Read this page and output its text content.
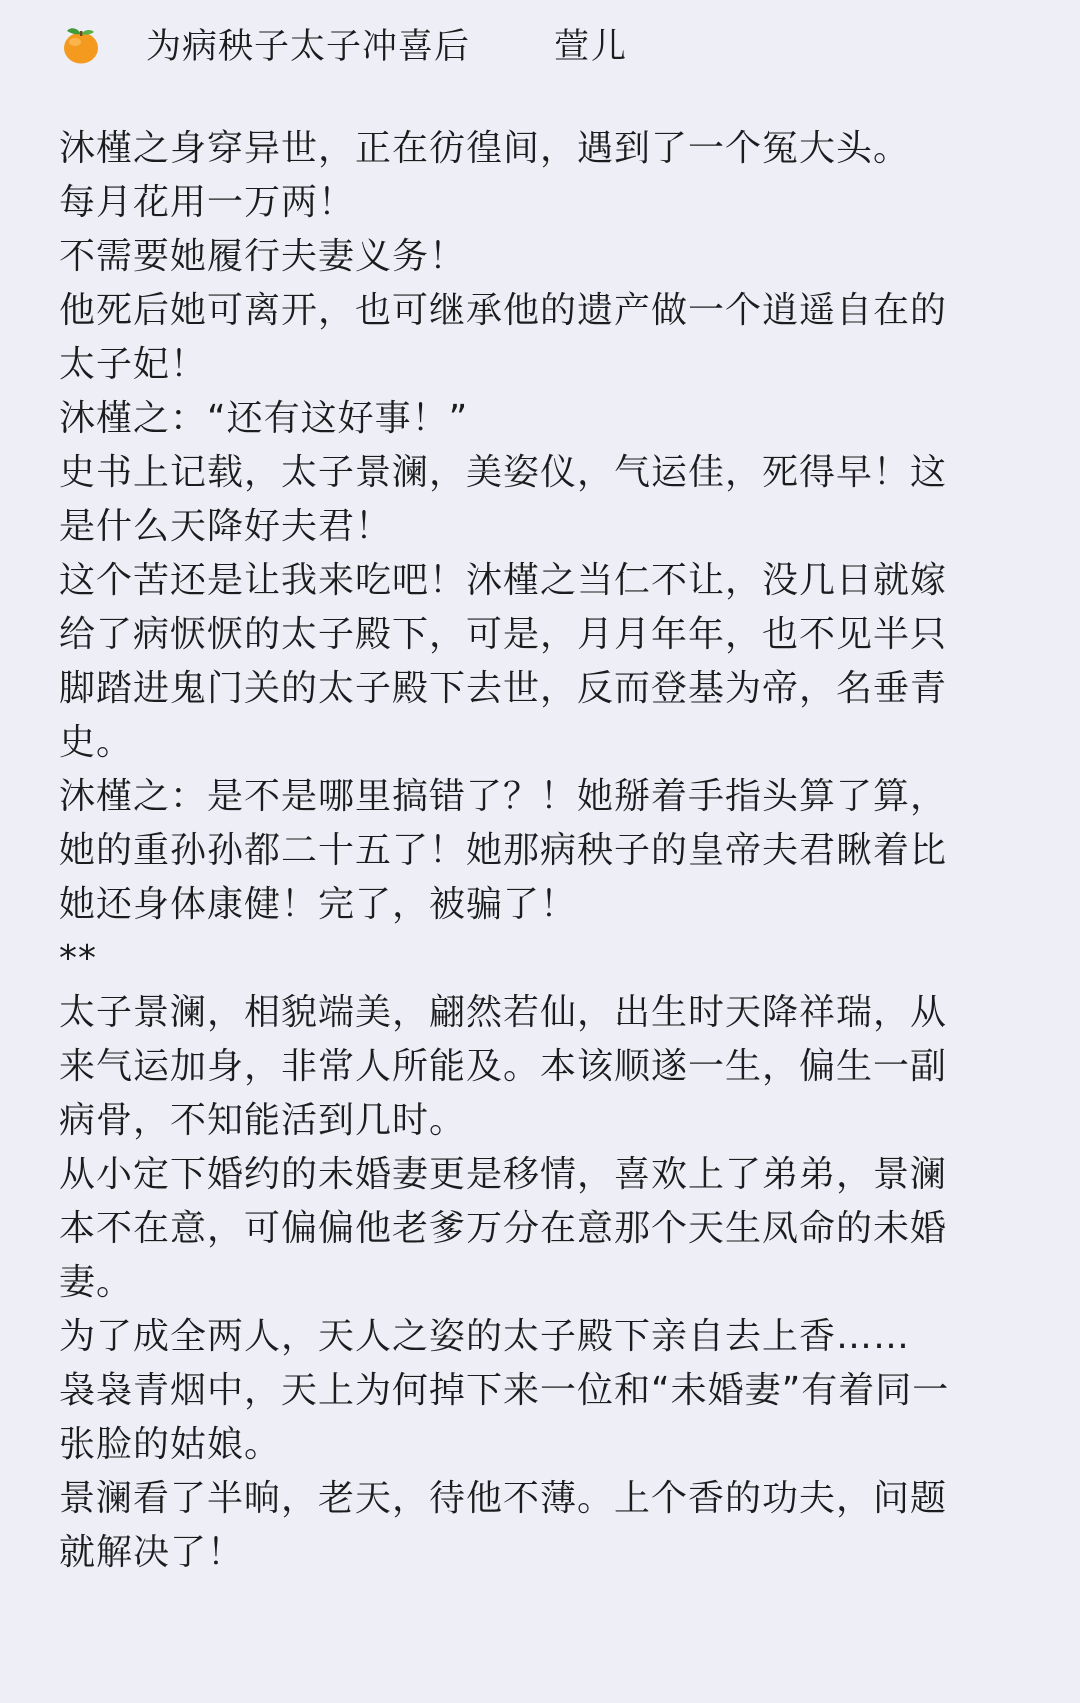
为病秧子太子冲喜后 萱儿

沐槿之身穿异世，正在彷徨间，遇到了一个冤大头。

每月花用一万两！

不需要她履行夫妻义务！

他死后她可离开，也可继承他的遗产做一个逍遥自在的太子妃！

沐槿之：“还有这好事！”

史书上记载，太子景澜，美姿仪，气运佳，死得早！这是什么天降好夫君！

这个苦还是让我来吃吧！沐槿之当仁不让，没几日就嫁给了病恹恹的太子殿下，可是，月月年年，也不见半只脚踏进鬼门关的太子殿下去世，反而登基为帝，名垂青史。

沐槿之：是不是哪里搞错了？！她掰着手指头算了算，她的重孙孙都二十五了！她那病秧子的皇帝夫君瞅着比她还身体康健！完了，被骗了！

**

太子景澜，相貌端美，翩然若仙，出生时天降祥瑞，从来气运加身，非常人所能及。本该顺遂一生，偏生一副病骨，不知能活到几时。

从小定下婚约的未婚妻更是移情，喜欢上了弟弟，景澜本不在意，可偏偏他老爹万分在意那个天生凤命的未婚妻。

为了成全两人，天人之姿的太子殿下亲自去上香……

袅袅青烟中，天上为何掉下来一位和“未婚妻”有着同一张脸的姑娘。

景澜看了半晌，老天，待他不薄。上个香的功夫，问题就解决了！
